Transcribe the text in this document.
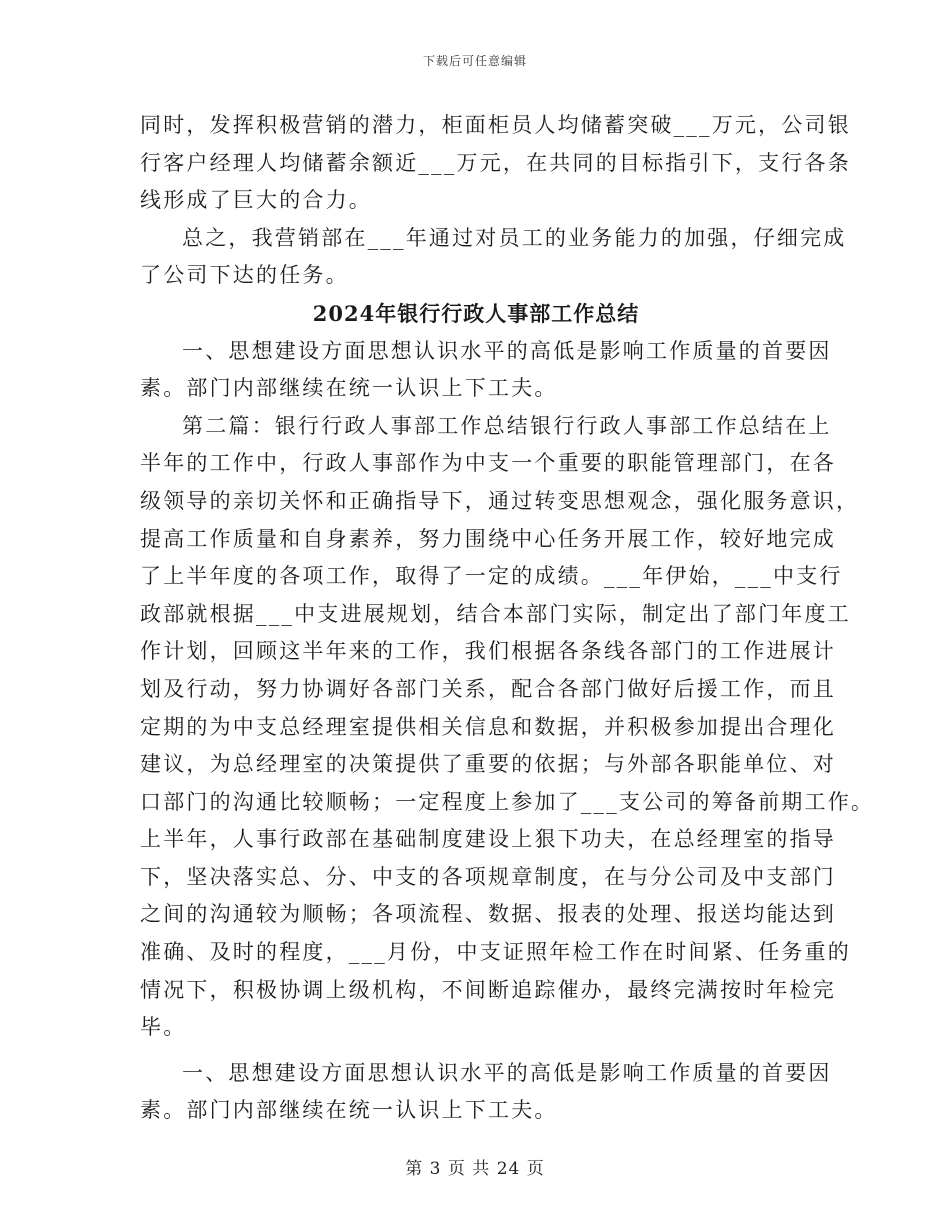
下载后可任意编辑
同时，发挥积极营销的潜力，柜面柜员人均储蓄突破___万元，公司银
行客户经理人均储蓄余额近___万元，在共同的目标指引下，支行各条
线形成了巨大的合力。
总之，我营销部在___年通过对员工的业务能力的加强，仔细完成
了公司下达的任务。
2024年银行行政人事部工作总结
一、思想建设方面思想认识水平的高低是影响工作质量的首要因
素。部门内部继续在统一认识上下工夫。
第二篇：银行行政人事部工作总结银行行政人事部工作总结在上
半年的工作中，行政人事部作为中支一个重要的职能管理部门，在各
级领导的亲切关怀和正确指导下，通过转变思想观念，强化服务意识，
提高工作质量和自身素养，努力围绕中心任务开展工作，较好地完成
了上半年度的各项工作，取得了一定的成绩。___年伊始，___中支行
政部就根据___中支进展规划，结合本部门实际，制定出了部门年度工
作计划，回顾这半年来的工作，我们根据各条线各部门的工作进展计
划及行动，努力协调好各部门关系，配合各部门做好后援工作，而且
定期的为中支总经理室提供相关信息和数据，并积极参加提出合理化
建议，为总经理室的决策提供了重要的依据；与外部各职能单位、对
口部门的沟通比较顺畅；一定程度上参加了___支公司的筹备前期工作。
上半年，人事行政部在基础制度建设上狠下功夫，在总经理室的指导
下，坚决落实总、分、中支的各项规章制度，在与分公司及中支部门
之间的沟通较为顺畅；各项流程、数据、报表的处理、报送均能达到
准确、及时的程度，___月份，中支证照年检工作在时间紧、任务重的
情况下，积极协调上级机构，不间断追踪催办，最终完满按时年检完
毕。
一、思想建设方面思想认识水平的高低是影响工作质量的首要因
素。部门内部继续在统一认识上下工夫。
第 3 页 共 24 页
